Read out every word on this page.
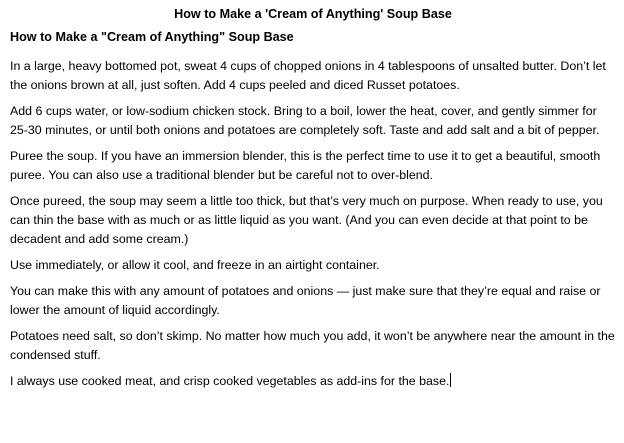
How to Make a 'Cream of Anything' Soup Base
How to Make a "Cream of Anything" Soup Base

In a large, heavy bottomed pot, sweat 4 cups of chopped onions in 4 tablespoons of unsalted butter. Don’t let the onions brown at all, just soften. Add 4 cups peeled and diced Russet potatoes.

Add 6 cups water, or low-sodium chicken stock. Bring to a boil, lower the heat, cover, and gently simmer for 25-30 minutes, or until both onions and potatoes are completely soft. Taste and add salt and a bit of pepper.

Puree the soup. If you have an immersion blender, this is the perfect time to use it to get a beautiful, smooth puree. You can also use a traditional blender but be careful not to over-blend.

Once pureed, the soup may seem a little too thick, but that’s very much on purpose. When ready to use, you can thin the base with as much or as little liquid as you want. (And you can even decide at that point to be decadent and add some cream.)

Use immediately, or allow it cool, and freeze in an airtight container.

You can make this with any amount of potatoes and onions — just make sure that they’re equal and raise or lower the amount of liquid accordingly.

Potatoes need salt, so don’t skimp. No matter how much you add, it won’t be anywhere near the amount in the condensed stuff.

I always use cooked meat, and crisp cooked vegetables as add-ins for the base.
